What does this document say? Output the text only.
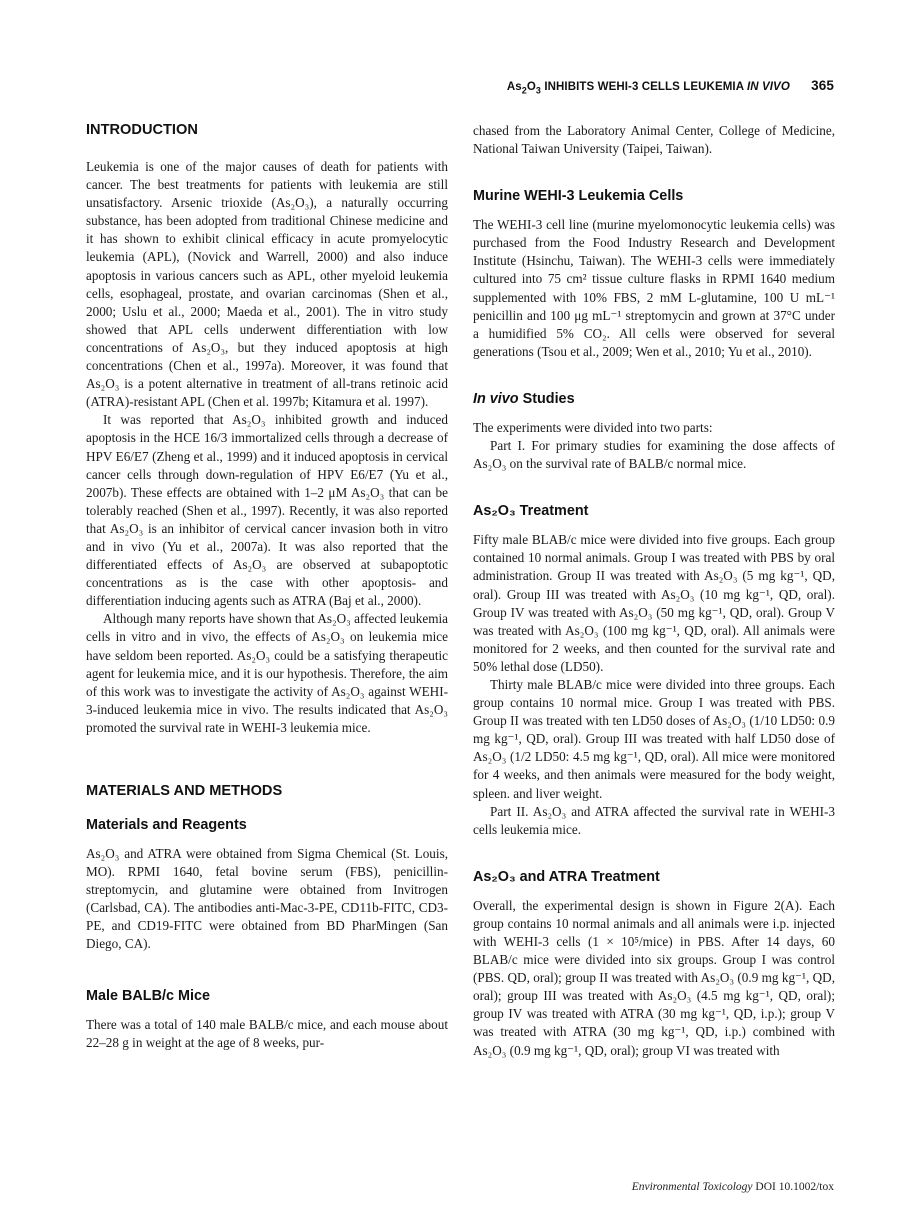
$As_2O_3$ INHIBITS WEHI-3 CELLS LEUKEMIA IN VIVO 365
INTRODUCTION

Leukemia is one of the major causes of death for patients with cancer. The best treatments for patients with leukemia are still unsatisfactory. Arsenic trioxide (As₂O₃), a naturally occurring substance, has been adopted from traditional Chinese medicine and it has shown to exhibit clinical efficacy in acute promyelocytic leukemia (APL), (Novick and Warrell, 2000) and also induce apoptosis in various cancers such as APL, other myeloid leukemia cells, esophageal, prostate, and ovarian carcinomas (Shen et al., 2000; Uslu et al., 2000; Maeda et al., 2001). The in vitro study showed that APL cells underwent differentiation with low concentrations of As₂O₃, but they induced apoptosis at high concentrations (Chen et al., 1997a). Moreover, it was found that As₂O₃ is a potent alternative in treatment of all-trans retinoic acid (ATRA)-resistant APL (Chen et al. 1997b; Kitamura et al. 1997).

It was reported that As₂O₃ inhibited growth and induced apoptosis in the HCE 16/3 immortalized cells through a decrease of HPV E6/E7 (Zheng et al., 1999) and it induced apoptosis in cervical cancer cells through down-regulation of HPV E6/E7 (Yu et al., 2007b). These effects are obtained with 1–2 μM As₂O₃ that can be tolerably reached (Shen et al., 1997). Recently, it was also reported that As₂O₃ is an inhibitor of cervical cancer invasion both in vitro and in vivo (Yu et al., 2007a). It was also reported that the differentiated effects of As₂O₃ are observed at subapoptotic concentrations as is the case with other apoptosis- and differentiation inducing agents such as ATRA (Baj et al., 2000).

Although many reports have shown that As₂O₃ affected leukemia cells in vitro and in vivo, the effects of As₂O₃ on leukemia mice have seldom been reported. As₂O₃ could be a satisfying therapeutic agent for leukemia mice, and it is our hypothesis. Therefore, the aim of this work was to investigate the activity of As₂O₃ against WEHI-3-induced leukemia mice in vivo. The results indicated that As₂O₃ promoted the survival rate in WEHI-3 leukemia mice.

MATERIALS AND METHODS
Materials and Reagents

As₂O₃ and ATRA were obtained from Sigma Chemical (St. Louis, MO). RPMI 1640, fetal bovine serum (FBS), penicillin-streptomycin, and glutamine were obtained from Invitrogen (Carlsbad, CA). The antibodies anti-Mac-3-PE, CD11b-FITC, CD3-PE, and CD19-FITC were obtained from BD PharMingen (San Diego, CA).

Male BALB/c Mice

There was a total of 140 male BALB/c mice, and each mouse about 22–28 g in weight at the age of 8 weeks, pur-

chased from the Laboratory Animal Center, College of Medicine, National Taiwan University (Taipei, Taiwan).

Murine WEHI-3 Leukemia Cells

The WEHI-3 cell line (murine myelomonocytic leukemia cells) was purchased from the Food Industry Research and Development Institute (Hsinchu, Taiwan). The WEHI-3 cells were immediately cultured into 75 cm² tissue culture flasks in RPMI 1640 medium supplemented with 10% FBS, 2 mM L-glutamine, 100 U mL⁻¹ penicillin and 100 μg mL⁻¹ streptomycin and grown at 37°C under a humidified 5% CO₂. All cells were observed for several generations (Tsou et al., 2009; Wen et al., 2010; Yu et al., 2010).

In vivo Studies

The experiments were divided into two parts:

Part I. For primary studies for examining the dose affects of As₂O₃ on the survival rate of BALB/c normal mice.

As₂O₃ Treatment

Fifty male BLAB/c mice were divided into five groups. Each group contained 10 normal animals. Group I was treated with PBS by oral administration. Group II was treated with As₂O₃ (5 mg kg⁻¹, QD, oral). Group III was treated with As₂O₃ (10 mg kg⁻¹, QD, oral). Group IV was treated with As₂O₃ (50 mg kg⁻¹, QD, oral). Group V was treated with As₂O₃ (100 mg kg⁻¹, QD, oral). All animals were monitored for 2 weeks, and then counted for the survival rate and 50% lethal dose (LD50).

Thirty male BLAB/c mice were divided into three groups. Each group contains 10 normal mice. Group I was treated with PBS. Group II was treated with ten LD50 doses of As₂O₃ (1/10 LD50: 0.9 mg kg⁻¹, QD, oral). Group III was treated with half LD50 dose of As₂O₃ (1/2 LD50: 4.5 mg kg⁻¹, QD, oral). All mice were monitored for 4 weeks, and then animals were measured for the body weight, spleen. and liver weight.

Part II. As₂O₃ and ATRA affected the survival rate in WEHI-3 cells leukemia mice.

As₂O₃ and ATRA Treatment

Overall, the experimental design is shown in Figure 2(A). Each group contains 10 normal animals and all animals were i.p. injected with WEHI-3 cells (1 × 10⁵/mice) in PBS. After 14 days, 60 BLAB/c mice were divided into six groups. Group I was control (PBS. QD, oral); group II was treated with As₂O₃ (0.9 mg kg⁻¹, QD, oral); group III was treated with As₂O₃ (4.5 mg kg⁻¹, QD, oral); group IV was treated with ATRA (30 mg kg⁻¹, QD, i.p.); group V was treated with ATRA (30 mg kg⁻¹, QD, i.p.) combined with As₂O₃ (0.9 mg kg⁻¹, QD, oral); group VI was treated with

Environmental Toxicology DOI 10.1002/tox
